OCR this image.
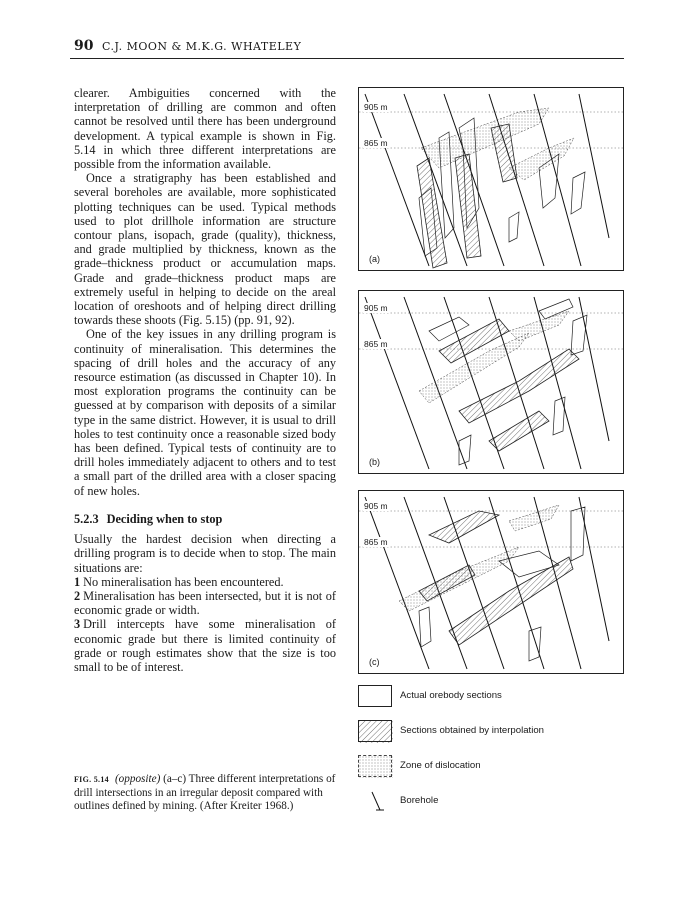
90 C.J. MOON & M.K.G. WHATELEY

clearer. Ambiguities concerned with the interpretation of drilling are common and often cannot be resolved until there has been underground development. A typical example is shown in Fig. 5.14 in which three different interpretations are possible from the information available.

Once a stratigraphy has been established and several boreholes are available, more sophisticated plotting techniques can be used. Typical methods used to plot drillhole information are structure contour plans, isopach, grade (quality), thickness, and grade multiplied by thickness, known as the grade–thickness product or accumulation maps. Grade and grade–thickness product maps are extremely useful in helping to decide on the areal location of oreshoots and of helping direct drilling towards these shoots (Fig. 5.15) (pp. 91, 92).

One of the key issues in any drilling program is continuity of mineralisation. This determines the spacing of drill holes and the accuracy of any resource estimation (as discussed in Chapter 10). In most exploration programs the continuity can be guessed at by comparison with deposits of a similar type in the same district. However, it is usual to drill holes to test continuity once a reasonable sized body has been defined. Typical tests of continuity are to drill holes immediately adjacent to others and to test a small part of the drilled area with a closer spacing of new holes.

5.2.3 Deciding when to stop

Usually the hardest decision when directing a drilling program is to decide when to stop. The main situations are:

1 No mineralisation has been encountered.

2 Mineralisation has been intersected, but it is not of economic grade or width.

3 Drill intercepts have some mineralisation of economic grade but there is limited continuity of grade or rough estimates show that the size is too small to be of interest.

FIG. 5.14 (opposite) (a–c) Three different interpretations of drill intersections in an irregular deposit compared with outlines defined by mining. (After Kreiter 1968.)
905 m
865 m
(a)
905 m
865 m
(b)
905 m
865 m
(c)
Actual orebody sections
Sections obtained by interpolation
Zone of dislocation
Borehole
